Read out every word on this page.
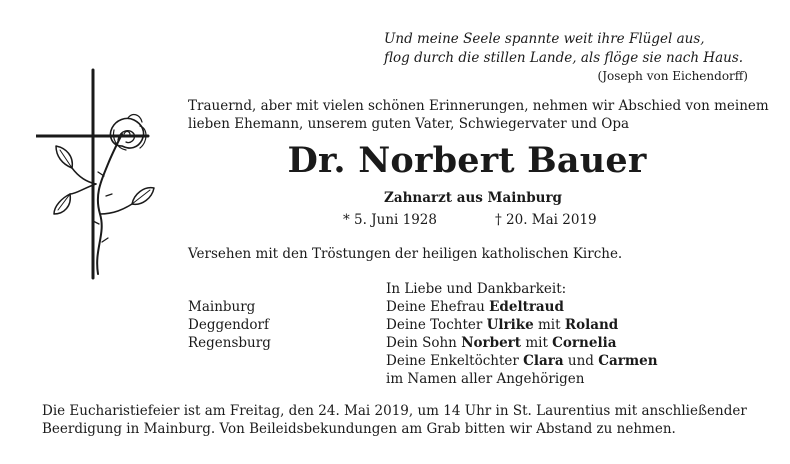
Und meine Seele spannte weit ihre Flügel aus,
flog durch die stillen Lande, als flöge sie nach Haus.
(Joseph von Eichendorff)
Trauernd, aber mit vielen schönen Erinnerungen, nehmen wir Abschied von meinem
lieben Ehemann, unserem guten Vater, Schwiegervater und Opa
Dr. Norbert Bauer
Zahnarzt aus Mainburg
* 5. Juni 1928	† 20. Mai 2019
Versehen mit den Tröstungen der heiligen katholischen Kirche.
In Liebe und Dankbarkeit:
Mainburg
Deggendorf
Regensburg
Deine Ehefrau Edeltraud
Deine Tochter Ulrike mit Roland
Dein Sohn Norbert mit Cornelia
Deine Enkeltöchter Clara und Carmen
im Namen aller Angehörigen
Die Eucharistiefeier ist am Freitag, den 24. Mai 2019, um 14 Uhr in St. Laurentius mit anschließender
Beerdigung in Mainburg. Von Beileidsbekundungen am Grab bitten wir Abstand zu nehmen.
